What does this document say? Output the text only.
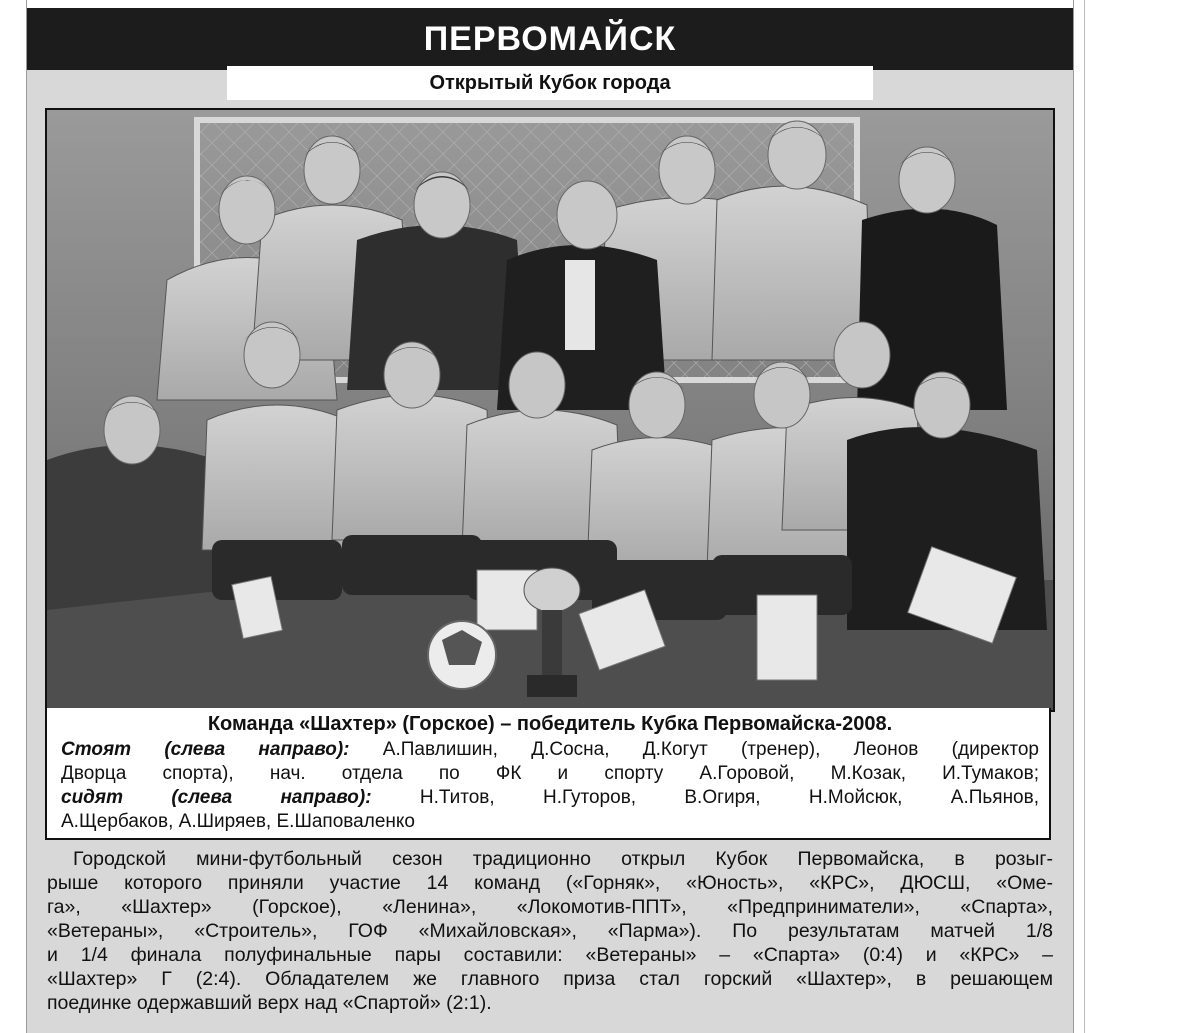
ПЕРВОМАЙСК
Открытый Кубок города
Команда «Шахтер» (Горское) – победитель Кубка Первомайска-2008.
Стоят (слева направо): А.Павлишин, Д.Сосна, Д.Когут (тренер), Леонов (директор
Дворца спорта), нач. отдела по ФК и спорту А.Горовой, М.Козак, И.Тумаков;
сидят (слева направо): Н.Титов, Н.Гуторов, В.Огиря, Н.Мойсюк, А.Пьянов,
А.Щербаков, А.Ширяев, Е.Шаповаленко
Городской мини-футбольный сезон традиционно открыл Кубок Первомайска, в розыг-
рыше которого приняли участие 14 команд («Горняк», «Юность», «КРС», ДЮСШ, «Оме-
га», «Шахтер» (Горское), «Ленина», «Локомотив-ППТ», «Предприниматели», «Спарта»,
«Ветераны», «Строитель», ГОФ «Михайловская», «Парма»). По результатам матчей 1/8
и 1/4 финала полуфинальные пары составили: «Ветераны» – «Спарта» (0:4) и «КРС» –
«Шахтер» Г (2:4). Обладателем же главного приза стал горский «Шахтер», в решающем
поединке одержавший верх над «Спартой» (2:1).
